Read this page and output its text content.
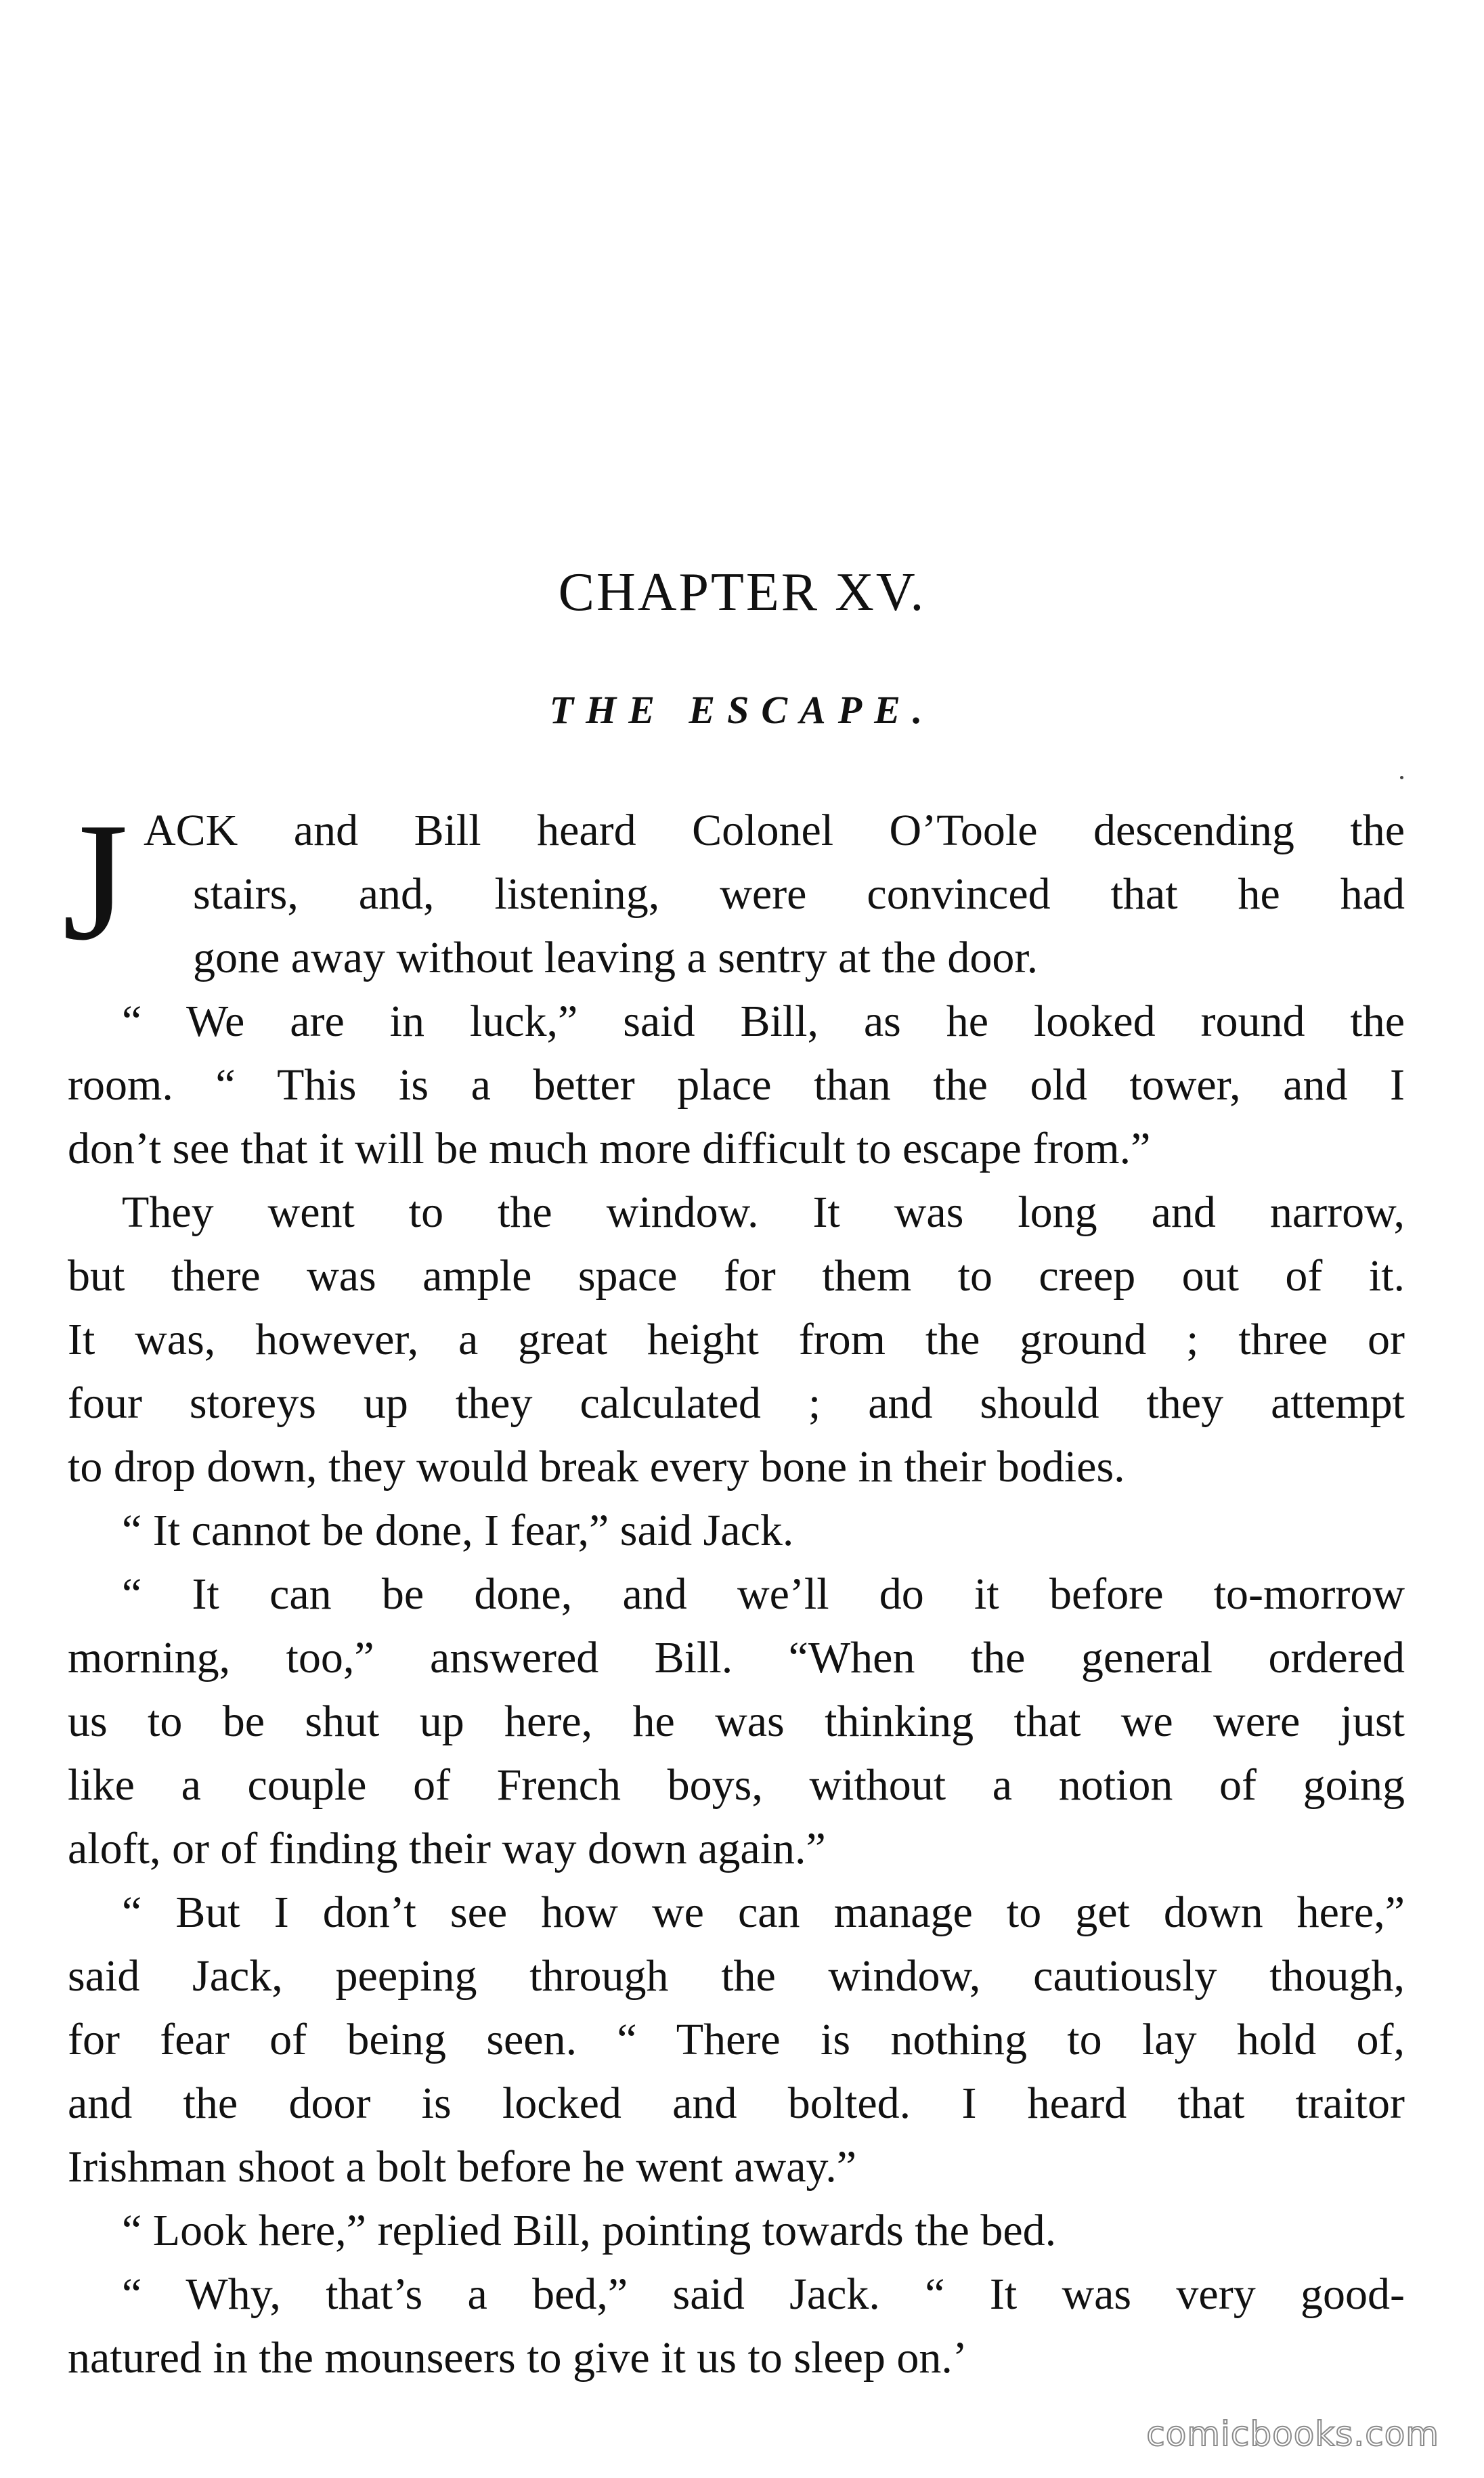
CHAPTER XV.
THE ESCAPE.
J ACK and Bill heard Colonel O’Toole descending the
stairs, and, listening, were convinced that he had
gone away without leaving a sentry at the door.
“ We are in luck,” said Bill, as he looked round the
room. “ This is a better place than the old tower, and I
don’t see that it will be much more difficult to escape from.”
They went to the window. It was long and narrow,
but there was ample space for them to creep out of it.
It was, however, a great height from the ground ; three or
four storeys up they calculated ; and should they attempt
to drop down, they would break every bone in their bodies.
“ It cannot be done, I fear,” said Jack.
“ It can be done, and we’ll do it before to-morrow
morning, too,” answered Bill. “When the general ordered
us to be shut up here, he was thinking that we were just
like a couple of French boys, without a notion of going
aloft, or of finding their way down again.”
“ But I don’t see how we can manage to get down here,”
said Jack, peeping through the window, cautiously though,
for fear of being seen. “ There is nothing to lay hold of,
and the door is locked and bolted. I heard that traitor
Irishman shoot a bolt before he went away.”
“ Look here,” replied Bill, pointing towards the bed.
“ Why, that’s a bed,” said Jack. “ It was very good-
natured in the mounseers to give it us to sleep on.’
comicbooks.com
